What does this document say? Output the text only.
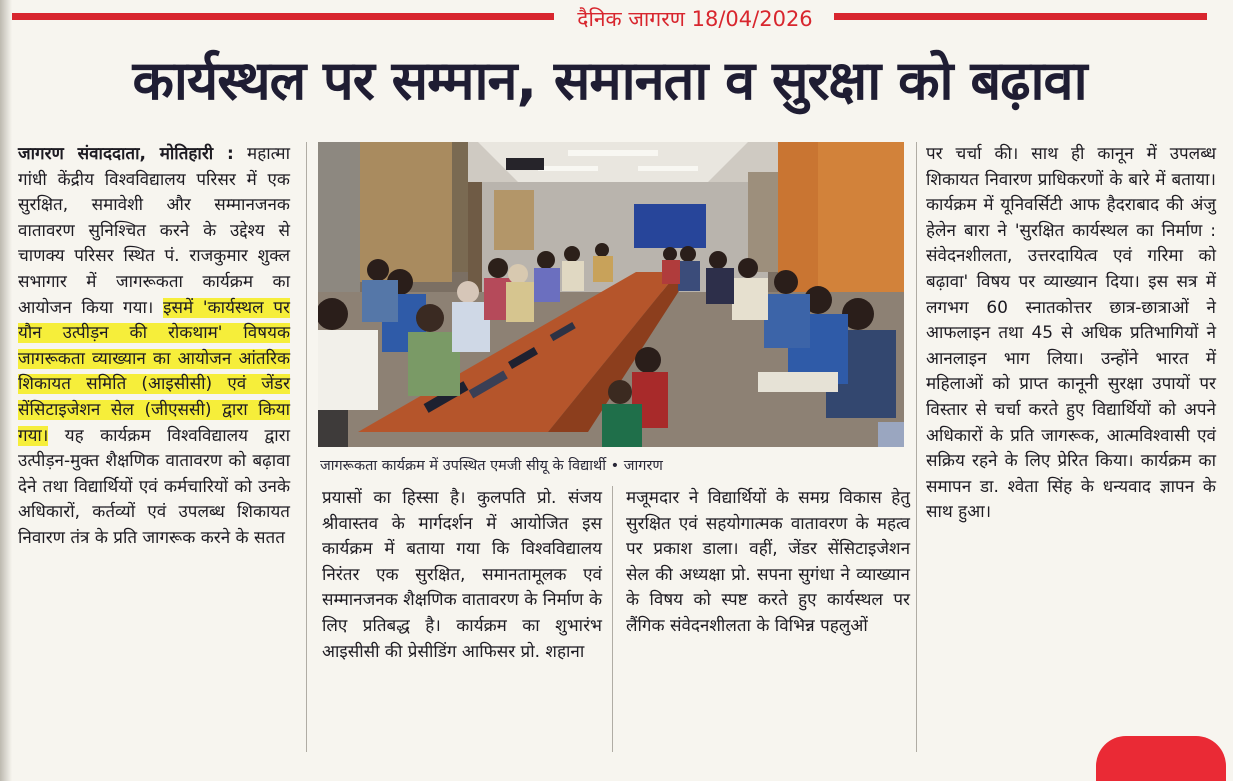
दैनिक जागरण 18/04/2026
कार्यस्थल पर सम्मान, समानता व सुरक्षा को बढ़ावा
जागरण संवाददाता, मोतिहारी : महात्मा गांधी केंद्रीय विश्वविद्यालय परिसर में एक सुरक्षित, समावेशी और सम्मानजनक वातावरण सुनिश्चित करने के उद्देश्य से चाणक्य परिसर स्थित पं. राजकुमार शुक्ल सभागार में जागरूकता कार्यक्रम का आयोजन किया गया। इसमें 'कार्यस्थल पर यौन उत्पीड़न की रोकथाम' विषयक जागरूकता व्याख्यान का आयोजन आंतरिक शिकायत समिति (आइसीसी) एवं जेंडर सेंसिटाइजेशन सेल (जीएससी) द्वारा किया गया। यह कार्यक्रम विश्वविद्यालय द्वारा उत्पीड़न-मुक्त शैक्षणिक वातावरण को बढ़ावा देने तथा विद्यार्थियों एवं कर्मचारियों को उनके अधिकारों, कर्तव्यों एवं उपलब्ध शिकायत निवारण तंत्र के प्रति जागरूक करने के सतत
जागरूकता कार्यक्रम में उपस्थित एमजी सीयू के विद्यार्थी • जागरण
प्रयासों का हिस्सा है। कुलपति प्रो. संजय श्रीवास्तव के मार्गदर्शन में आयोजित इस कार्यक्रम में बताया गया कि विश्वविद्यालय निरंतर एक सुरक्षित, समानतामूलक एवं सम्मानजनक शैक्षणिक वातावरण के निर्माण के लिए प्रतिबद्ध है। कार्यक्रम का शुभारंभ आइसीसी की प्रेसीडिंग आफिसर प्रो. शहाना
मजूमदार ने विद्यार्थियों के समग्र विकास हेतु सुरक्षित एवं सहयोगात्मक वातावरण के महत्व पर प्रकाश डाला। वहीं, जेंडर सेंसिटाइजेशन सेल की अध्यक्षा प्रो. सपना सुगंधा ने व्याख्यान के विषय को स्पष्ट करते हुए कार्यस्थल पर लैंगिक संवेदनशीलता के विभिन्न पहलुओं
पर चर्चा की। साथ ही कानून में उपलब्ध शिकायत निवारण प्राधिकरणों के बारे में बताया। कार्यक्रम में यूनिवर्सिटी आफ हैदराबाद की अंजु हेलेन बारा ने 'सुरक्षित कार्यस्थल का निर्माण : संवेदनशीलता, उत्तरदायित्व एवं गरिमा को बढ़ावा' विषय पर व्याख्यान दिया। इस सत्र में लगभग 60 स्नातकोत्तर छात्र-छात्राओं ने आफलाइन तथा 45 से अधिक प्रतिभागियों ने आनलाइन भाग लिया। उन्होंने भारत में महिलाओं को प्राप्त कानूनी सुरक्षा उपायों पर विस्तार से चर्चा करते हुए विद्यार्थियों को अपने अधिकारों के प्रति जागरूक, आत्मविश्वासी एवं सक्रिय रहने के लिए प्रेरित किया। कार्यक्रम का समापन डा. श्वेता सिंह के धन्यवाद ज्ञापन के साथ हुआ।
